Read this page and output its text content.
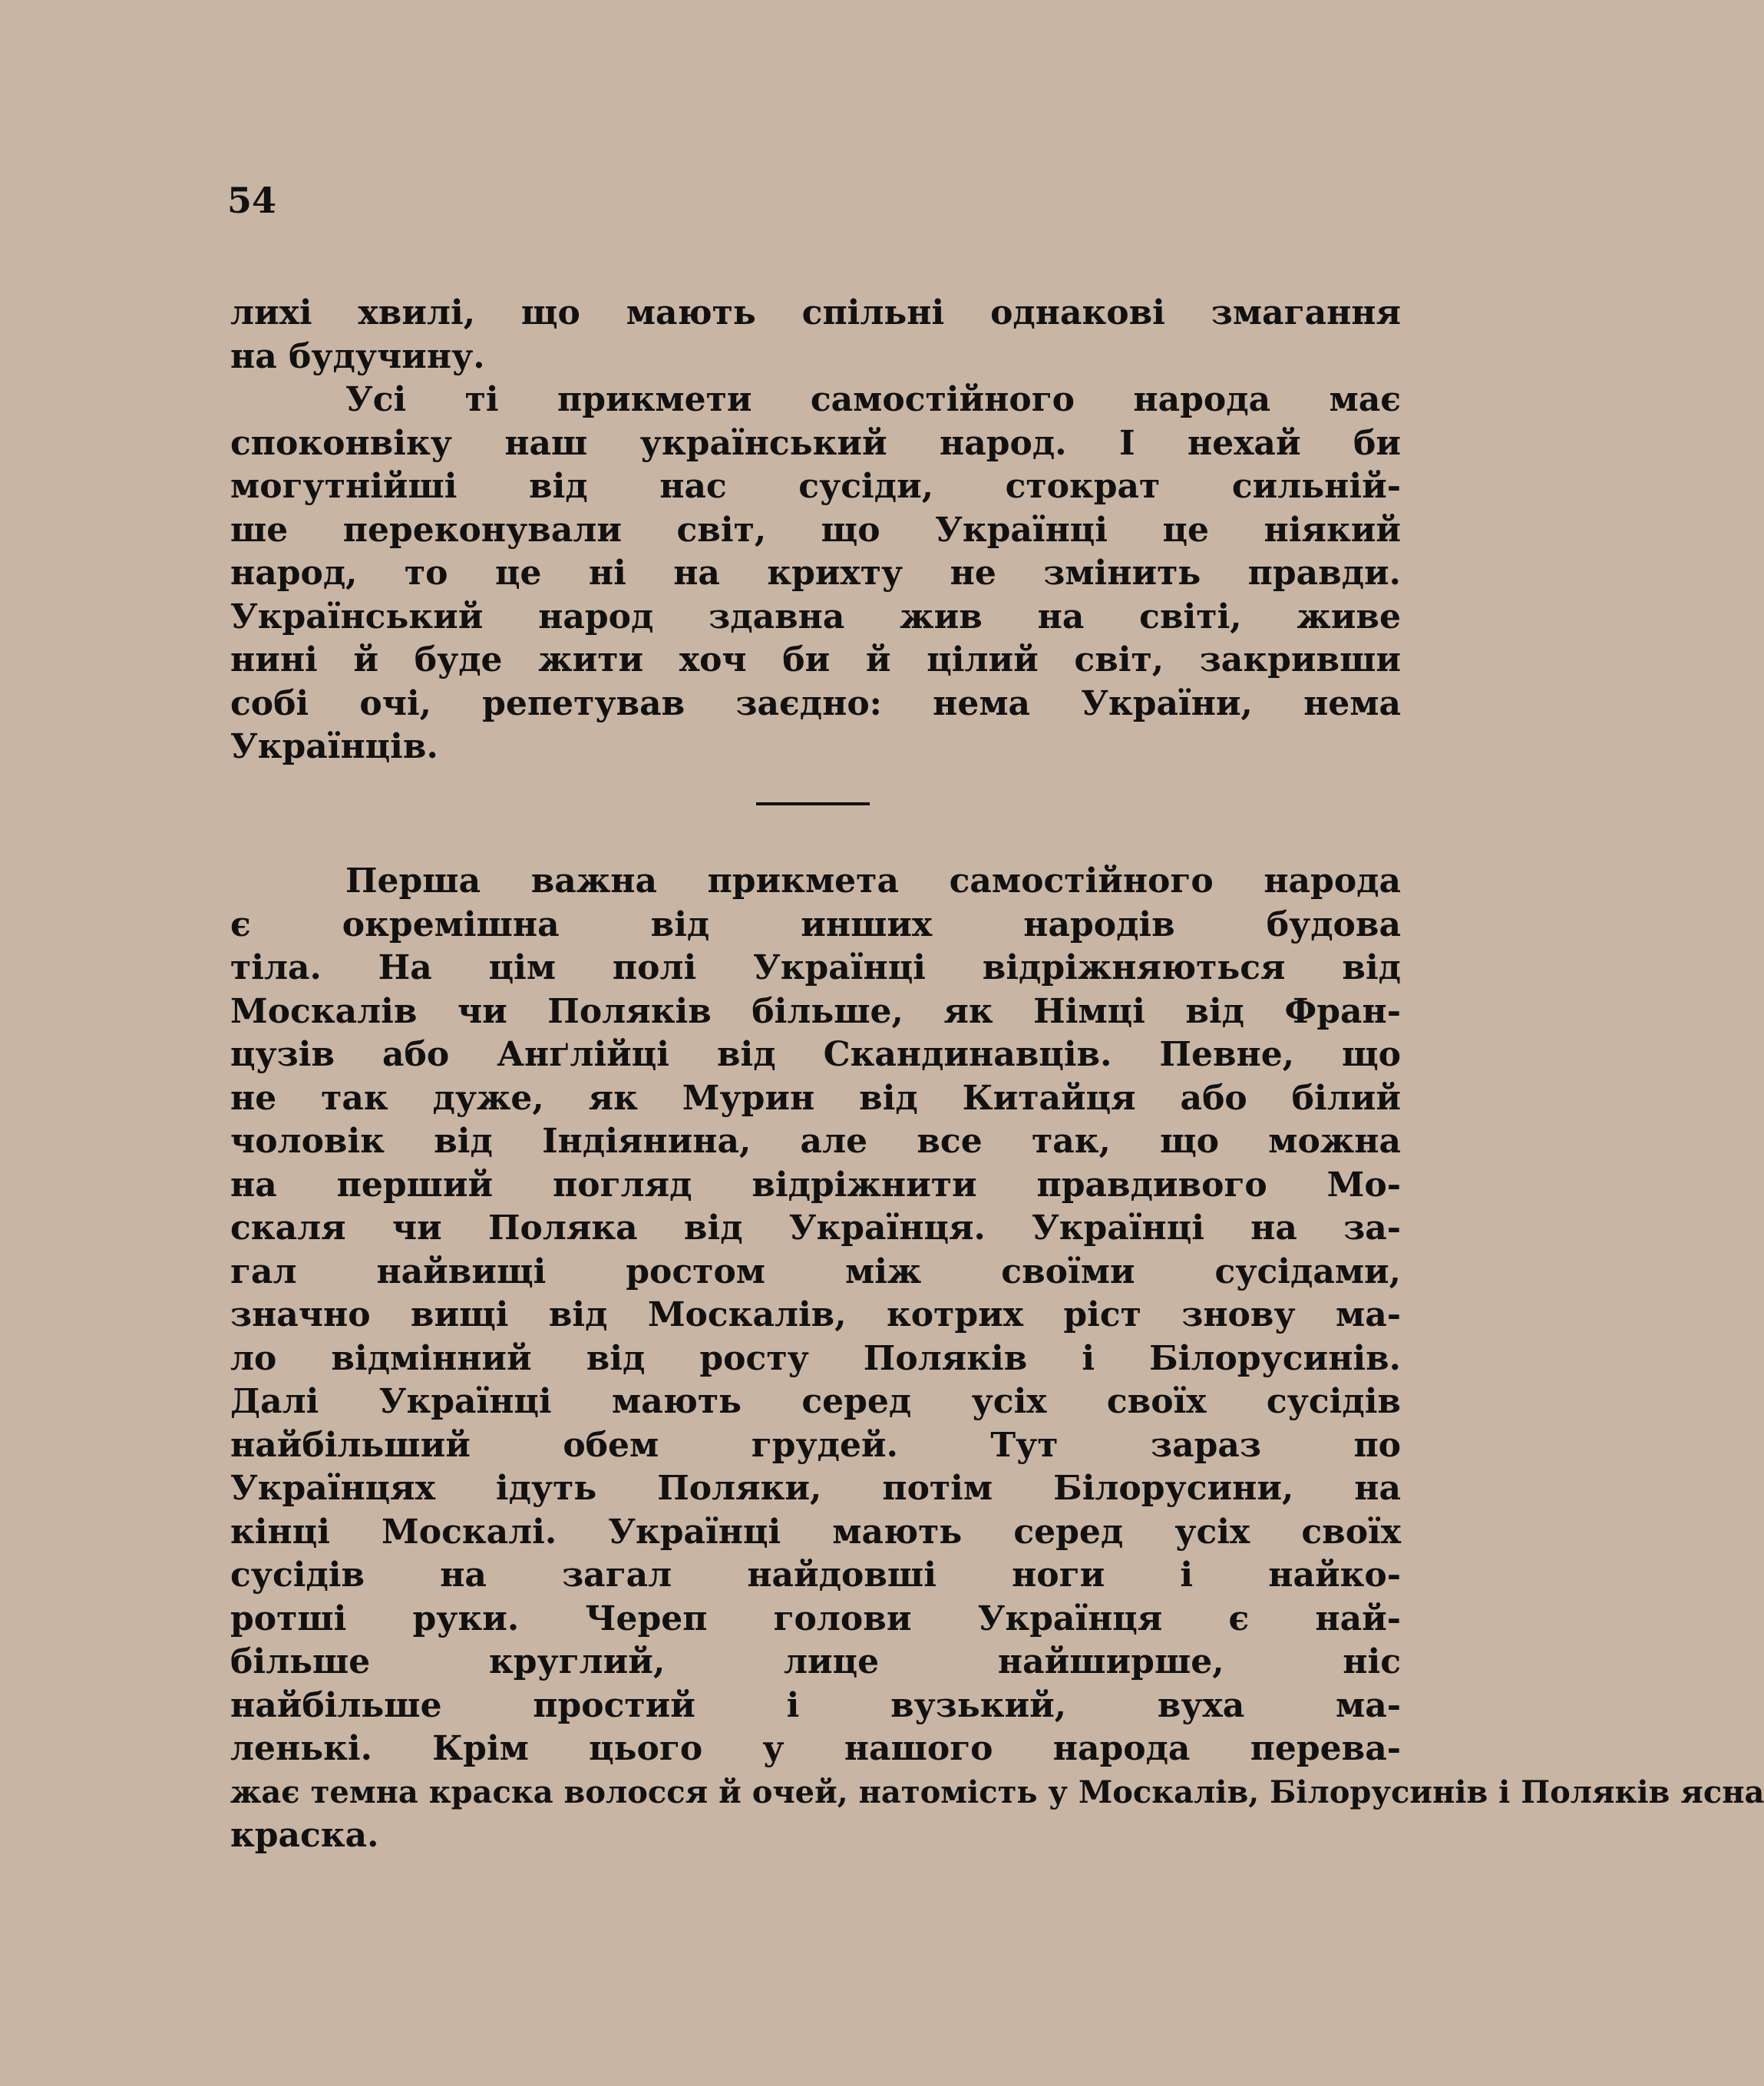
54
лихі хвилі, що мають спільні однакові змагання
на будучину.
Усі ті прикмети самостійного народа має
споконвіку наш український народ. І нехай би
могутнійші від нас сусіди, стократ сильній-
ше переконували світ, що Українці це ніякий
народ, то це ні на крихту не змінить правди.
Український народ здавна жив на світі, живе
нині й буде жити хоч би й цілий світ, закривши
собі очі, репетував заєдно: нема України, нема
Українців.
Перша важна прикмета самостійного народа
є окремішна від инших народів будова
тіла. На цім полі Українці відріжняються від
Москалів чи Поляків більше, як Німці від Фран-
цузів або Анґлійці від Скандинавців. Певне, що
не так дуже, як Мурин від Китайця або білий
чоловік від Індіянина, але все так, що можна
на перший погляд відріжнити правдивого Мо-
скаля чи Поляка від Українця. Українці на за-
гал найвищі ростом між своїми сусідами,
значно вищі від Москалів, котрих ріст знову ма-
ло відмінний від росту Поляків і Білорусинів.
Далі Українці мають серед усіх своїх сусідів
найбільший обем грудей. Тут зараз по
Українцях ідуть Поляки, потім Білорусини, на
кінці Москалі. Українці мають серед усіх своїх
сусідів на загал найдовші ноги і найко-
ротші руки. Череп голови Українця є най-
більше круглий, лице найширше, ніс
найбільше простий і вузький, вуха ма-
ленькі. Крім цього у нашого народа перева-
жає темна краска волосся й очей, натомість у Москалів, Білорусинів і Поляків ясна
краска.
